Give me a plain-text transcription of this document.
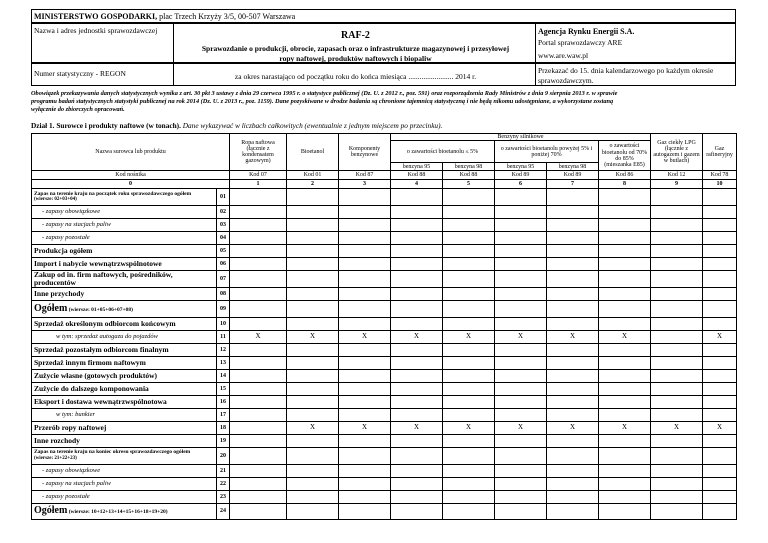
MINISTERSTWO GOSPODARKI, plac Trzech Krzyży 3/5, 00-507 Warszawa
Nazwa i adres jednostki sprawozdawczej	RAF-2
Sprawozdanie o produkcji, obrocie, zapasach oraz o infrastrukturze magazynowej i przesyłowej
ropy naftowej, produktów naftowych i biopaliw
Agencja Rynku Energii S.A.
Portal sprawozdawczy ARE
www.are.waw.pl
Numer statystyczny - REGON	za okres narastająco od początku roku do końca miesiąca ........................ 2014 r.
Przekazać do 15. dnia kalendarzowego po każdym okresie
sprawozdawczym.
Obowiązek przekazywania danych statystycznych wynika z art. 30 pkt 3 ustawy z dnia 29 czerwca 1995 r. o statystyce publicznej (Dz. U. z 2012 r., poz. 591) oraz rozporządzenia Rady Ministrów z dnia 9 sierpnia 2013 r. w sprawie
programu badań statystycznych statystyki publicznej na rok 2014 (Dz. U. z 2013 r., poz. 1159). Dane pozyskiwane w drodze badania są chronione tajemnicą statystyczną i nie będą nikomu udostępniane, a wykorzystane zostaną
wyłącznie do zbiorczych opracowań.
Dział 1. Surowce i produkty naftowe (w tonach). Dane wykazywać w liczbach całkowitych (ewentualnie z jednym miejscem po przecinku).
Nazwa surowca lub produktu		Ropa naftowa (łącznie z kondensatem gazowym)	Bioetanol	Komponenty benzynowe	Benzyny silnikowe					Gaz ciekły LPG (łącznie z autogazem i gazem w butlach)	Gaz rafineryjny
					o zawartości bioetanolu ≤ 5%		o zawartości bioetanolu powyżej 5% i poniżej 70%		o zawartości bioetanolu od 70% do 85% (mieszanka E85)		
					benzyna 95	benzyna 98	benzyna 95	benzyna 98			
Kod nośnika		Kod 07	Kod 01	Kod 87	Kod 88	Kod 88	Kod 89	Kod 89	Kod 86	Kod 12	Kod 78
0		1	2	3	4	5	6	7	8	9	10
Zapas na terenie kraju na początek roku sprawozdawczego ogółem
(wiersze: 02+03+04)	01										
- zapasy obowiązkowe	02										
- zapasy na stacjach paliw	03										
- zapasy pozostałe	04										
Produkcja ogółem	05										
Import i nabycie wewnątrzwspólnotowe	06										
Zakup od in. firm naftowych, pośredników, producentów	07										
Inne przychody	08										
Ogółem (wiersze: 01+05+06+07+08)	09										
Sprzedaż określonym odbiorcom końcowym	10										
w tym: sprzedaż autogazu do pojazdów	11	X	X	X	X	X	X	X	X		X
Sprzedaż pozostałym odbiorcom finalnym	12										
Sprzedaż innym firmom naftowym	13										
Zużycie własne (gotowych produktów)	14										
Zużycie do dalszego komponowania	15										
Eksport i dostawa wewnątrzwspólnotowa	16										
w tym: bunkier	17										
Przerób ropy naftowej	18		X	X	X	X	X	X	X	X	X
Inne rozchody	19										
Zapas na terenie kraju na koniec okresu sprawozdawczego ogółem
(wiersze: 21+22+23)	20										
- zapasy obowiązkowe	21										
- zapasy na stacjach paliw	22										
- zapasy pozostałe	23										
Ogółem (wiersze: 10+12+13+14+15+16+18+19+20)	24										
